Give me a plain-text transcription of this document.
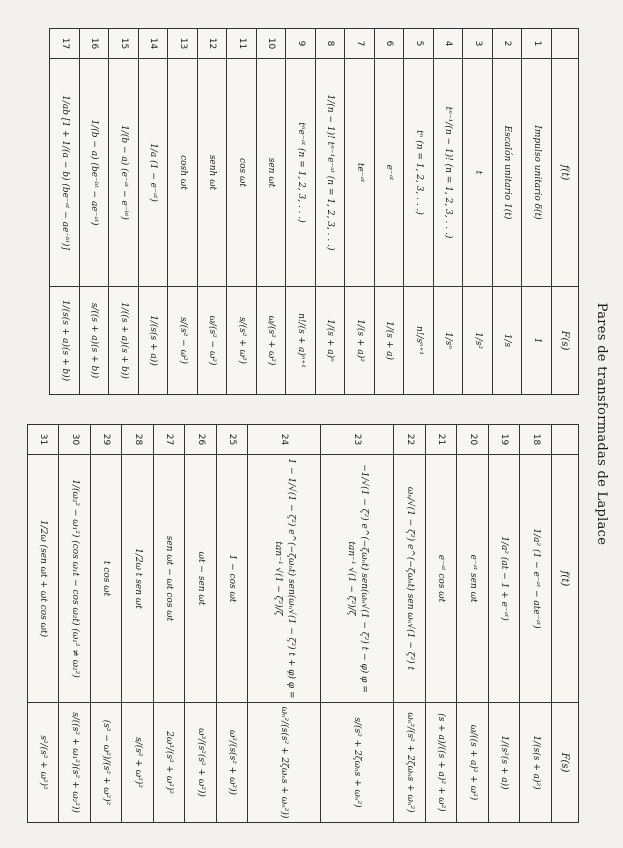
Pares de transformadas de Laplace
	f(t)	F(s)
1	Impulso unitario δ(t)	1
2	Escalón unitario 1(t)	1/s
3	t	1/s²
4	tⁿ⁻¹/(n − 1)! (n = 1, 2, 3, . . .)	1/sⁿ
5	tⁿ (n = 1, 2, 3, . . .)	n!/sⁿ⁺¹
6	e⁻ᵃᵗ	1/(s + a)
7	te⁻ᵃᵗ	1/(s + a)²
8	1/(n − 1)! tⁿ⁻¹e⁻ᵃᵗ (n = 1, 2, 3, . . .)	1/(s + a)ⁿ
9	tⁿe⁻ᵃᵗ (n = 1, 2, 3, . . .)	n!/(s + a)ⁿ⁺¹
10	sen ωt	ω/(s² + ω²)
11	cos ωt	s/(s² + ω²)
12	senh ωt	ω/(s² − ω²)
13	cosh ωt	s/(s² − ω²)
14	1/a (1 − e⁻ᵃᵗ)	1/(s(s + a))
15	1/(b − a) (e⁻ᵃᵗ − e⁻ᵇᵗ)	1/((s + a)(s + b))
16	1/(b − a) (be⁻ᵇᵗ − ae⁻ᵃᵗ)	s/((s + a)(s + b))
17	1/ab [1 + 1/(a − b) (be⁻ᵃᵗ − ae⁻ᵇᵗ)]	1/(s(s + a)(s + b))
	f(t)	F(s)
18	1/a² (1 − e⁻ᵃᵗ − ate⁻ᵃᵗ)	1/(s(s + a)²)
19	1/a² (at − 1 + e⁻ᵃᵗ)	1/(s²(s + a))
20	e⁻ᵃᵗ sen ωt	ω/((s + a)² + ω²)
21	e⁻ᵃᵗ cos ωt	(s + a)/((s + a)² + ω²)
22	ωₙ/√(1 − ζ²) e^(−ζωₙt) sen ωₙ√(1 − ζ²) t	ωₙ²/(s² + 2ζωₙs + ωₙ²)
23	−1/√(1 − ζ²) e^(−ζωₙt) sen(ωₙ√(1 − ζ²) t − φ) φ = tan⁻¹ √(1 − ζ²)/ζ	s/(s² + 2ζωₙs + ωₙ²)
24	1 − 1/√(1 − ζ²) e^(−ζωₙt) sen(ωₙ√(1 − ζ²) t + φ) φ = tan⁻¹ √(1 − ζ²)/ζ	ωₙ²/(s(s² + 2ζωₙs + ωₙ²))
25	1 − cos ωt	ω²/(s(s² + ω²))
26	ωt − sen ωt	ω³/(s²(s² + ω²))
27	sen ωt − ωt cos ωt	2ω³/(s² + ω²)²
28	1/2ω t sen ωt	s/(s² + ω²)²
29	t cos ωt	(s² − ω²)/(s² + ω²)²
30	1/(ω₂² − ω₁²) (cos ω₁t − cos ω₂t) (ω₁² ≠ ω₂²)	s/((s² + ω₁²)(s² + ω₂²))
31	1/2ω (sen ωt + ωt cos ωt)	s²/(s² + ω²)²
